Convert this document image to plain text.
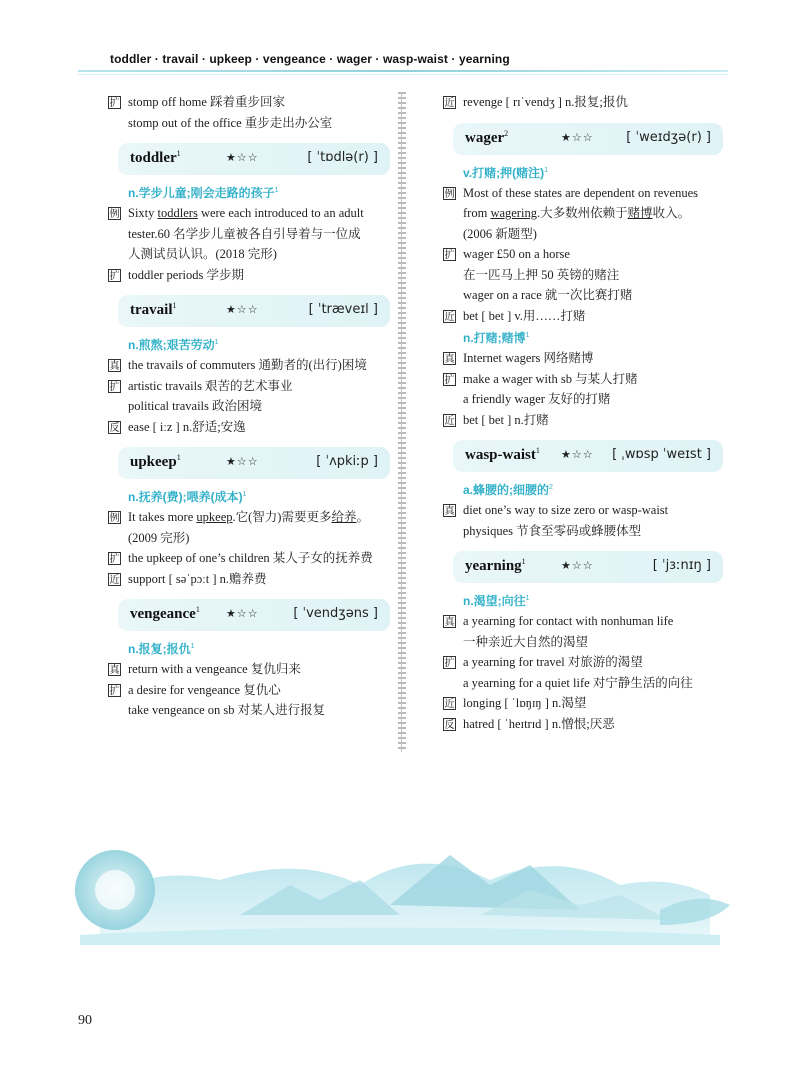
toddler · travail · upkeep · vengeance · wager · wasp-waist · yearning
扩 stomp off home 踩着重步回家
stomp out of the office 重步走出办公室
toddler$^1$	★☆☆	[ ˈtɒdlə(r) ]
n.学步儿童;刚会走路的孩子$^1$
例 Sixty toddlers were each introduced to an adult
tester.60 名学步儿童被各自引导着与一位成
人测试员认识。(2018 完形)
扩 toddler periods 学步期
travail$^1$	★☆☆	[ ˈtræveɪl ]
n.煎熬;艰苦劳动$^1$
真 the travails of commuters 通勤者的(出行)困境
扩 artistic travails 艰苦的艺术事业
political travails 政治困境
反 ease [ iːz ] n.舒适;安逸
upkeep$^1$	★☆☆	[ ˈʌpkiːp ]
n.抚养(费);喂养(成本)$^1$
例 It takes more upkeep.它(智力)需要更多给养。
(2009 完形)
扩 the upkeep of one’s children 某人子女的抚养费
近 support [ səˈpɔːt ] n.赡养费
vengeance$^1$ ★☆☆	[ ˈvendʒəns ]
n.报复;报仇$^1$
真 return with a vengeance 复仇归来
扩 a desire for vengeance 复仇心
take vengeance on sb 对某人进行报复
近 revenge [ rɪˈvendʒ ] n.报复;报仇
wager$^2$	★☆☆	[ ˈweɪdʒə(r) ]
v.打赌;押(赌注)$^1$
例 Most of these states are dependent on revenues
from wagering.大多数州依赖于赌博收入。
(2006 新题型)
扩 wager £50 on a horse
在一匹马上押 50 英镑的赌注
wager on a race 就一次比赛打赌
近 bet [ bet ] v.用……打赌
n.打赌;赌博$^1$
真 Internet wagers 网络赌博
扩 make a wager with sb 与某人打赌
a friendly wager 友好的打赌
近 bet [ bet ] n.打赌
wasp-waist$^1$ ★☆☆ [ ˌwɒsp ˈweɪst ]
a.蜂腰的;细腰的$^2$
真 diet one’s way to size zero or wasp-waist
physiques 节食至零码或蜂腰体型
yearning$^1$	★☆☆	[ ˈjɜːnɪŋ ]
n.渴望;向往$^1$
真 a yearning for contact with nonhuman life
一种亲近大自然的渴望
扩 a yearning for travel 对旅游的渴望
a yearning for a quiet life 对宁静生活的向往
近 longing [ ˈlɒŋɪŋ ] n.渴望
反 hatred [ ˈheɪtrɪd ] n.憎恨;厌恶
90
